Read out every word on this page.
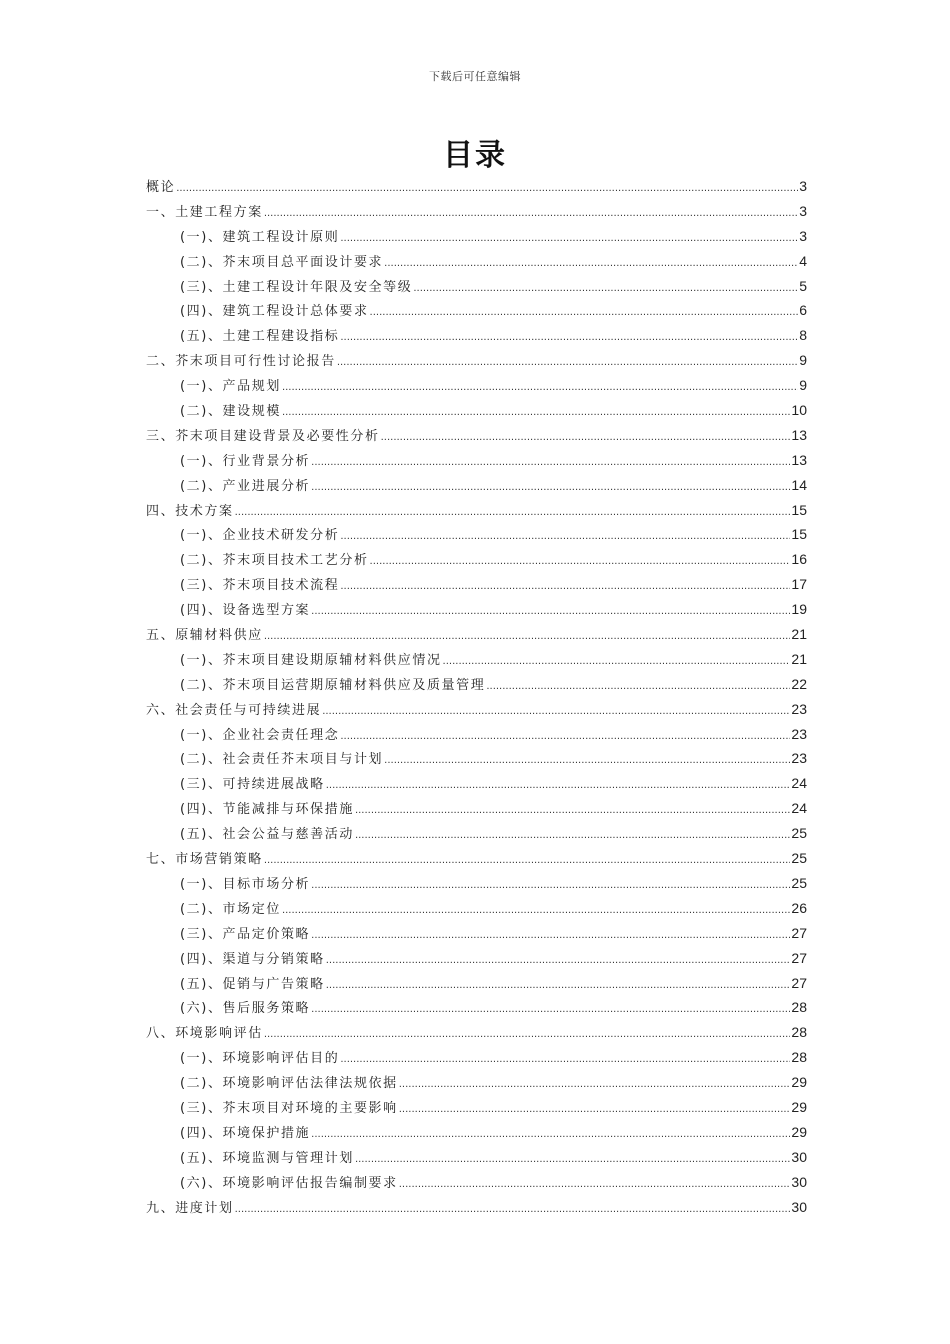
下载后可任意编辑
目录
概论 .....	3
一、土建工程方案 .....	3
(一)、建筑工程设计原则 .....	3
(二)、芥末项目总平面设计要求 .....	4
(三)、土建工程设计年限及安全等级 .....	5
(四)、建筑工程设计总体要求 .....	6
(五)、土建工程建设指标 .....	8
二、芥末项目可行性讨论报告 .....	9
(一)、产品规划 .....	9
(二)、建设规模 .....	10
三、芥末项目建设背景及必要性分析 .....	13
(一)、行业背景分析 .....	13
(二)、产业进展分析 .....	14
四、技术方案 .....	15
(一)、企业技术研发分析 .....	15
(二)、芥末项目技术工艺分析 .....	16
(三)、芥末项目技术流程 .....	17
(四)、设备选型方案 .....	19
五、原辅材料供应 .....	21
(一)、芥末项目建设期原辅材料供应情况 .....	21
(二)、芥末项目运营期原辅材料供应及质量管理 .....	22
六、社会责任与可持续进展 .....	23
(一)、企业社会责任理念 .....	23
(二)、社会责任芥末项目与计划 .....	23
(三)、可持续进展战略 .....	24
(四)、节能减排与环保措施 .....	24
(五)、社会公益与慈善活动 .....	25
七、市场营销策略 .....	25
(一)、目标市场分析 .....	25
(二)、市场定位 .....	26
(三)、产品定价策略 .....	27
(四)、渠道与分销策略 .....	27
(五)、促销与广告策略 .....	27
(六)、售后服务策略 .....	28
八、环境影响评估 .....	28
(一)、环境影响评估目的 .....	28
(二)、环境影响评估法律法规依据 .....	29
(三)、芥末项目对环境的主要影响 .....	29
(四)、环境保护措施 .....	29
(五)、环境监测与管理计划 .....	30
(六)、环境影响评估报告编制要求 .....	30
九、进度计划 .....	30
